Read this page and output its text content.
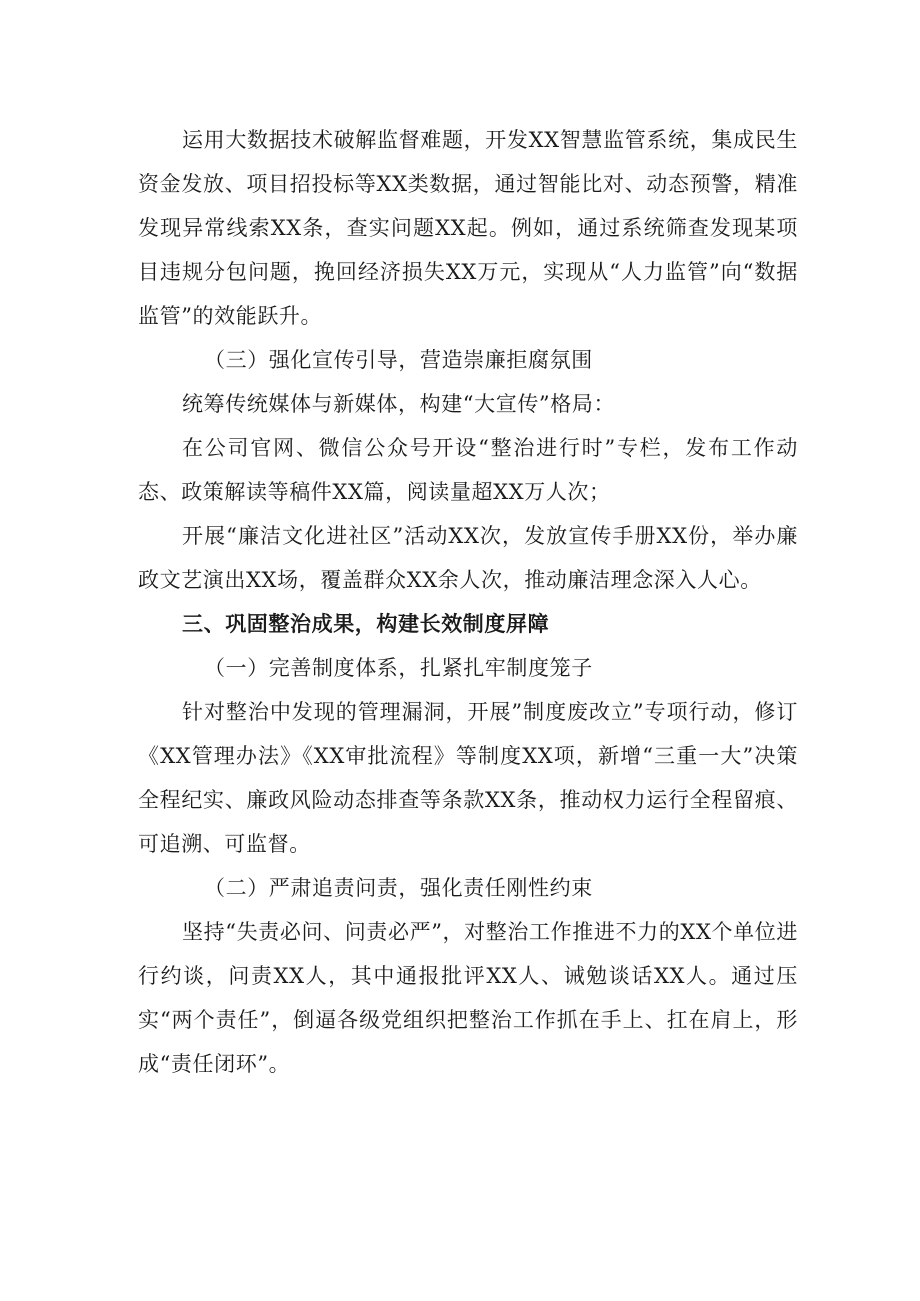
运用大数据技术破解监督难题，开发XX智慧监管系统，集成民生资金发放、项目招投标等XX类数据，通过智能比对、动态预警，精准发现异常线索XX条，查实问题XX起。例如，通过系统筛查发现某项目违规分包问题，挽回经济损失XX万元，实现从“人力监管”向“数据监管”的效能跃升。

（三）强化宣传引导，营造崇廉拒腐氛围

统筹传统媒体与新媒体，构建“大宣传”格局：

在公司官网、微信公众号开设“整治进行时”专栏，发布工作动态、政策解读等稿件XX篇，阅读量超XX万人次；

开展“廉洁文化进社区”活动XX次，发放宣传手册XX份，举办廉政文艺演出XX场，覆盖群众XX余人次，推动廉洁理念深入人心。

三、巩固整治成果，构建长效制度屏障

（一）完善制度体系，扎紧扎牢制度笼子

针对整治中发现的管理漏洞，开展”制度废改立”专项行动，修订《XX管理办法》《XX审批流程》等制度XX项，新增“三重一大”决策全程纪实、廉政风险动态排查等条款XX条，推动权力运行全程留痕、可追溯、可监督。

（二）严肃追责问责，强化责任刚性约束

坚持“失责必问、问责必严”，对整治工作推进不力的XX个单位进行约谈，问责XX人，其中通报批评XX人、诫勉谈话XX人。通过压实“两个责任”，倒逼各级党组织把整治工作抓在手上、扛在肩上，形成“责任闭环”。
